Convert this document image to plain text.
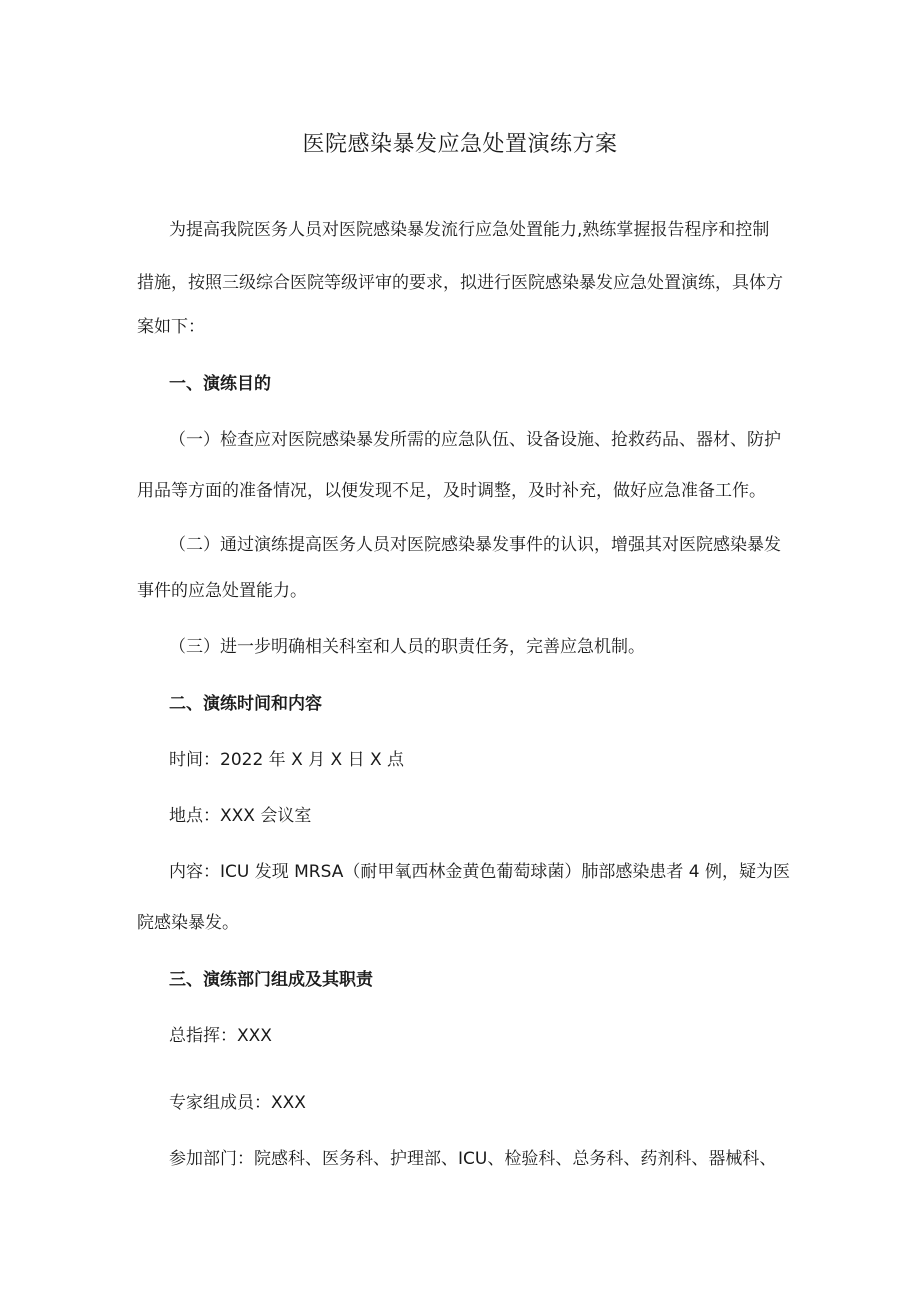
医院感染暴发应急处置演练方案

为提高我院医务人员对医院感染暴发流行应急处置能力,熟练掌握报告程序和控制

措施，按照三级综合医院等级评审的要求，拟进行医院感染暴发应急处置演练，具体方

案如下：

一、演练目的

（一）检查应对医院感染暴发所需的应急队伍、设备设施、抢救药品、器材、防护

用品等方面的准备情况，以便发现不足，及时调整，及时补充，做好应急准备工作。

（二）通过演练提高医务人员对医院感染暴发事件的认识，增强其对医院感染暴发

事件的应急处置能力。

（三）进一步明确相关科室和人员的职责任务，完善应急机制。

二、演练时间和内容

时间：2022 年 X 月 X 日 X 点

地点：XXX 会议室

内容：ICU 发现 MRSA（耐甲氧西林金黄色葡萄球菌）肺部感染患者 4 例，疑为医

院感染暴发。

三、演练部门组成及其职责

总指挥：XXX

专家组成员：XXX

参加部门：院感科、医务科、护理部、ICU、检验科、总务科、药剂科、器械科、
